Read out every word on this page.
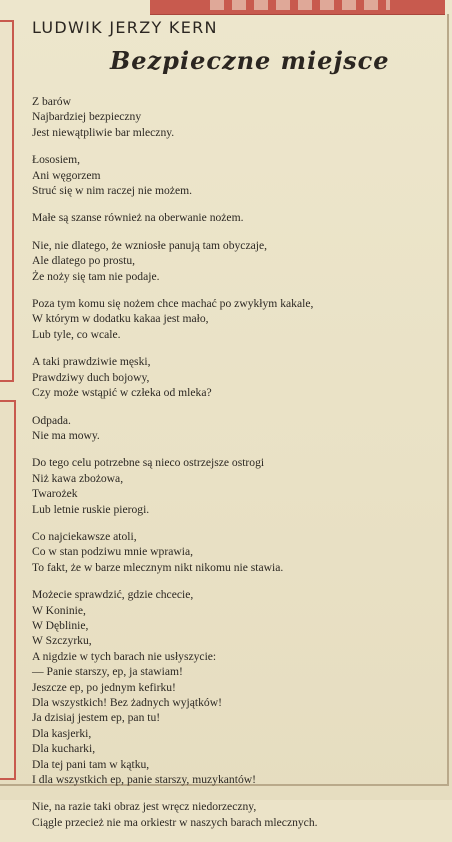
LUDWIK JERZY KERN
Bezpieczne miejsce
Z barów
Najbardziej bezpieczny
Jest niewątpliwie bar mleczny.
Łososiem,
Ani węgorzem
Struć się w nim raczej nie możem.
Małe są szanse również na oberwanie nożem.
Nie, nie dlatego, że wzniosłe panują tam obyczaje,
Ale dlatego po prostu,
Że noży się tam nie podaje.
Poza tym komu się nożem chce machać po zwykłym kakale,
W którym w dodatku kakaa jest mało,
Lub tyle, co wcale.
A taki prawdziwie męski,
Prawdziwy duch bojowy,
Czy może wstąpić w człeka od mleka?
Odpada.
Nie ma mowy.
Do tego celu potrzebne są nieco ostrzejsze ostrogi
Niż kawa zbożowa,
Twarożek
Lub letnie ruskie pierogi.
Co najciekawsze atoli,
Co w stan podziwu mnie wprawia,
To fakt, że w barze mlecznym nikt nikomu nie stawia.
Możecie sprawdzić, gdzie chcecie,
W Koninie,
W Dęblinie,
W Szczyrku,
A nigdzie w tych barach nie usłyszycie:
— Panie starszy, ep, ja stawiam!
Jeszcze ep, po jednym kefirku!
Dla wszystkich! Bez żadnych wyjątków!
Ja dzisiaj jestem ep, pan tu!
Dla kasjerki,
Dla kucharki,
Dla tej pani tam w kątku,
I dla wszystkich ep, panie starszy, muzykantów!
Nie, na razie taki obraz jest wręcz niedorzeczny,
Ciągle przecież nie ma orkiestr w naszych barach mlecznych.
